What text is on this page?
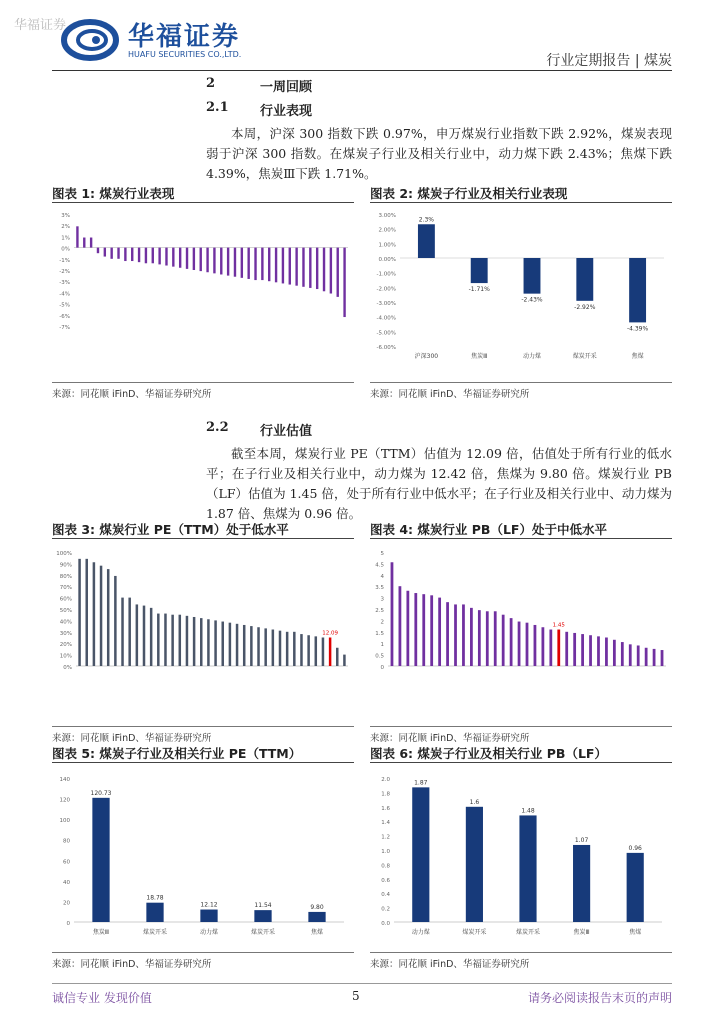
华福证券 华福证券
HUAFU SECURITIES CO.,LTD.	行业定期报告 | 煤炭
2	一周回顾
2.1 行业表现
本周，沪深 300 指数下跌 0.97%，申万煤炭行业指数下跌 2.92%，煤炭表现弱于沪深 300 指数。在煤炭子行业及相关行业中，动力煤下跌 2.43%；焦煤下跌 4.39%，焦炭Ⅲ下跌 1.71%。
图表 1: 煤炭行业表现
3%
2%
1%
0%
-1%
-2%
-3%
-4%
-5%
-6%
-7%
来源：同花顺 iFinD、华福证券研究所
图表 2: 煤炭子行业及相关行业表现
3.00%
2.00%
1.00%
0.00%
-1.00%
-2.00%
-3.00%
-4.00%
-5.00%
-6.00%
2.3%
沪深300
-1.71%
焦炭Ⅲ
-2.43%
动力煤
-2.92%
煤炭开采
-4.39%
焦煤
来源：同花顺 iFinD、华福证券研究所
2.2 行业估值
截至本周，煤炭行业 PE（TTM）估值为 12.09 倍，估值处于所有行业的低水平；在子行业及相关行业中，动力煤为 12.42 倍，焦煤为 9.80 倍。煤炭行业 PB（LF）估值为 1.45 倍，处于所有行业中低水平；在子行业及相关行业中、动力煤为 1.87 倍、焦煤为 0.96 倍。
图表 3: 煤炭行业 PE（TTM）处于低水平
100%
90%
80%
70%
60%
50%
40%
30%
20%
10%
0%
12.09
来源：同花顺 iFinD、华福证券研究所
图表 4: 煤炭行业 PB（LF）处于中低水平
5
4.5
4
3.5
3
2.5
2
1.5
1
0.5
0
1.45
来源：同花顺 iFinD、华福证券研究所
图表 5: 煤炭子行业及相关行业 PE（TTM）
140
120
100
80
60
40
20
0
120.73
焦炭Ⅲ
18.78
煤炭开采
12.12
动力煤
11.54
煤炭开采
9.80
焦煤
来源：同花顺 iFinD、华福证券研究所
图表 6: 煤炭子行业及相关行业 PB（LF）
2.0
1.8
1.6
1.4
1.2
1.0
0.8
0.6
0.4
0.2
0.0
1.87
动力煤
1.6
煤炭开采
1.48
煤炭开采
1.07
焦炭Ⅲ
0.96
焦煤
来源：同花顺 iFinD、华福证券研究所
诚信专业 发现价值	5	请务必阅读报告末页的声明
